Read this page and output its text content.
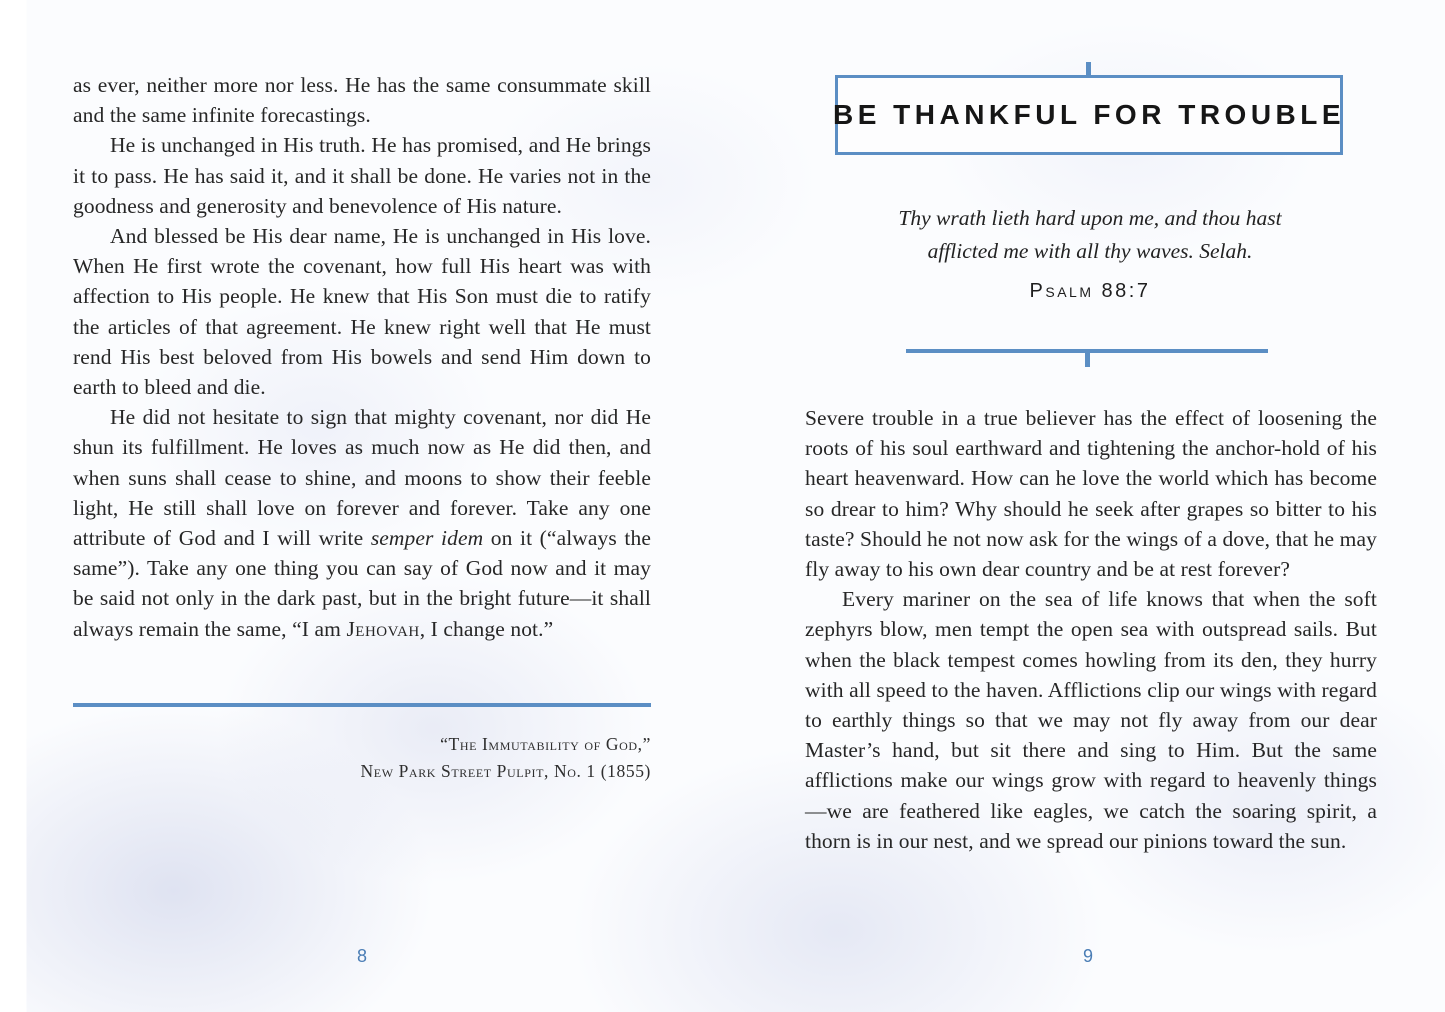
as ever, neither more nor less. He has the same consummate skill and the same infinite forecastings.

He is unchanged in His truth. He has promised, and He brings it to pass. He has said it, and it shall be done. He varies not in the goodness and generosity and benevolence of His nature.

And blessed be His dear name, He is unchanged in His love. When He first wrote the covenant, how full His heart was with affection to His people. He knew that His Son must die to ratify the articles of that agreement. He knew right well that He must rend His best beloved from His bowels and send Him down to earth to bleed and die.

He did not hesitate to sign that mighty covenant, nor did He shun its fulfillment. He loves as much now as He did then, and when suns shall cease to shine, and moons to show their feeble light, He still shall love on forever and forever. Take any one attribute of God and I will write semper idem on it (“always the same”). Take any one thing you can say of God now and it may be said not only in the dark past, but in the bright future—it shall always remain the same, “I am Jehovah, I change not.”

“The Immutability of God,”
New Park Street Pulpit, No. 1 (1855)
8
BE THANKFUL FOR TROUBLE
Thy wrath lieth hard upon me, and thou hast
afflicted me with all thy waves. Selah.
Psalm 88:7

Severe trouble in a true believer has the effect of loosening the roots of his soul earthward and tightening the anchor-hold of his heart heavenward. How can he love the world which has become so drear to him? Why should he seek after grapes so bitter to his taste? Should he not now ask for the wings of a dove, that he may fly away to his own dear country and be at rest forever?

Every mariner on the sea of life knows that when the soft zephyrs blow, men tempt the open sea with outspread sails. But when the black tempest comes howling from its den, they hurry with all speed to the haven. Afflictions clip our wings with regard to earthly things so that we may not fly away from our dear Master’s hand, but sit there and sing to Him. But the same afflictions make our wings grow with regard to heavenly things—we are feathered like eagles, we catch the soaring spirit, a thorn is in our nest, and we spread our pinions toward the sun.

9
